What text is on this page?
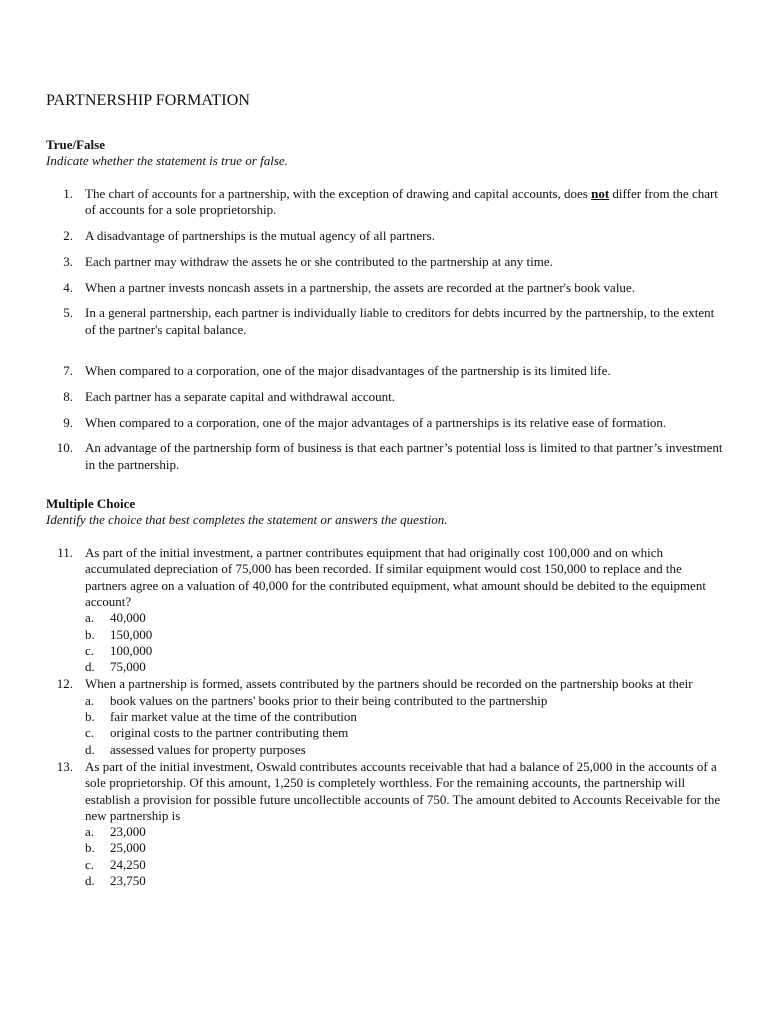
PARTNERSHIP FORMATION

True/False

Indicate whether the statement is true or false.

1. The chart of accounts for a partnership, with the exception of drawing and capital accounts, does not differ from the chart of accounts for a sole proprietorship.
2. A disadvantage of partnerships is the mutual agency of all partners.
3. Each partner may withdraw the assets he or she contributed to the partnership at any time.
4. When a partner invests noncash assets in a partnership, the assets are recorded at the partner's book value.
5. In a general partnership, each partner is individually liable to creditors for debts incurred by the partnership, to the extent of the partner's capital balance.
7. When compared to a corporation, one of the major disadvantages of the partnership is its limited life.
8. Each partner has a separate capital and withdrawal account.
9. When compared to a corporation, one of the major advantages of a partnerships is its relative ease of formation.
10. An advantage of the partnership form of business is that each partner’s potential loss is limited to that partner’s investment in the partnership.

Multiple Choice

Identify the choice that best completes the statement or answers the question.

11. As part of the initial investment, a partner contributes equipment that had originally cost 100,000 and on which accumulated depreciation of 75,000 has been recorded. If similar equipment would cost 150,000 to replace and the partners agree on a valuation of 40,000 for the contributed equipment, what amount should be debited to the equipment account?
a. 40,000
b. 150,000
c. 100,000
d. 75,000
12. When a partnership is formed, assets contributed by the partners should be recorded on the partnership books at their
a. book values on the partners' books prior to their being contributed to the partnership
b. fair market value at the time of the contribution
c. original costs to the partner contributing them
d. assessed values for property purposes
13. As part of the initial investment, Oswald contributes accounts receivable that had a balance of 25,000 in the accounts of a sole proprietorship. Of this amount, 1,250 is completely worthless. For the remaining accounts, the partnership will establish a provision for possible future uncollectible accounts of 750. The amount debited to Accounts Receivable for the new partnership is
a. 23,000
b. 25,000
c. 24,250
d. 23,750
